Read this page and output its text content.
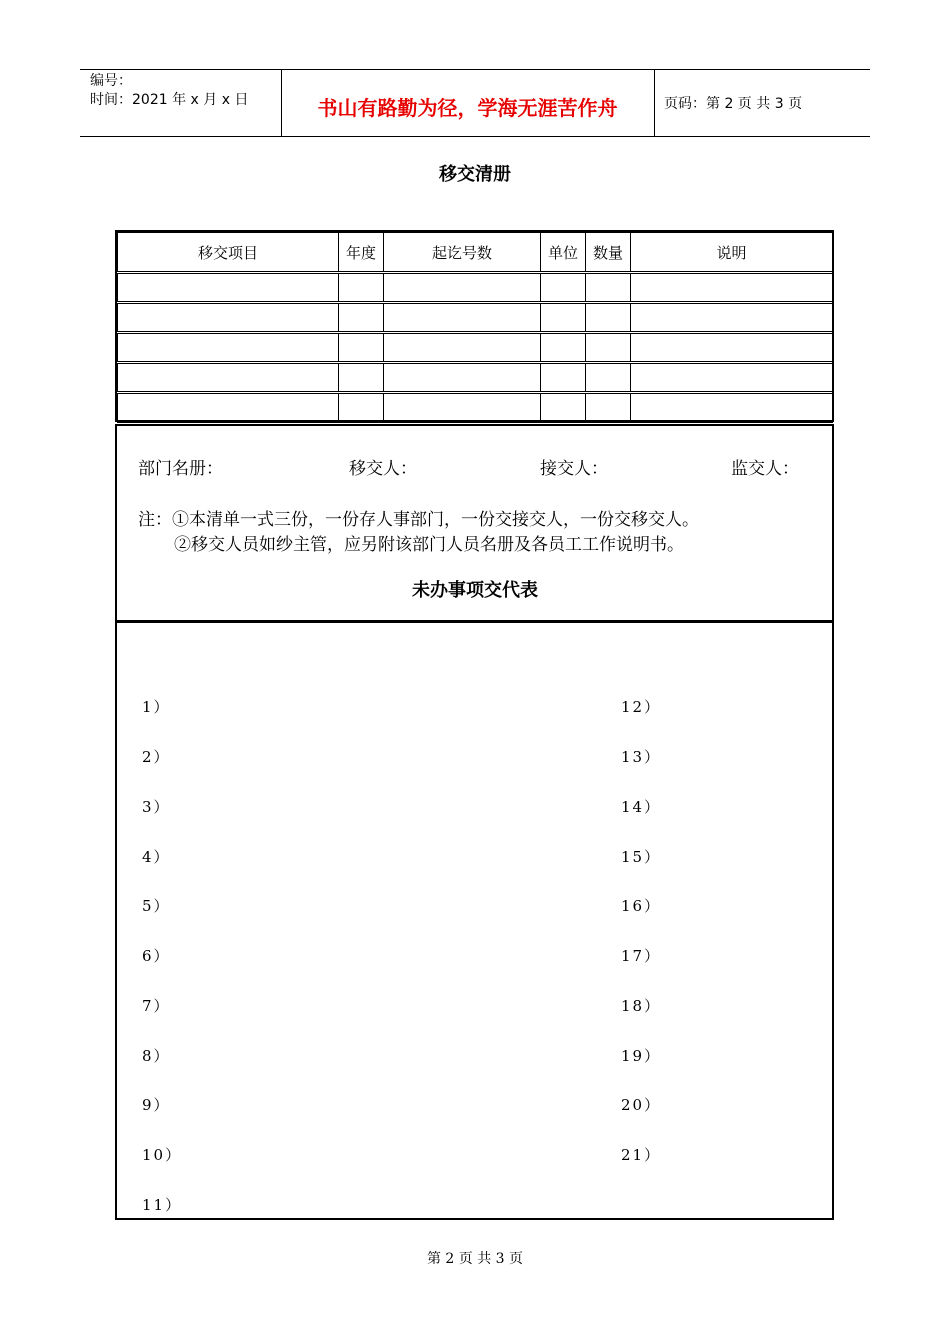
编号：
时间：2021 年 x 月 x 日	书山有路勤为径，学海无涯苦作舟	页码：第 2 页 共 3 页
移交清册
移交项目	年度	起讫号数	单位	数量	说明

部门名册：	移交人：	接交人：	监交人：
注：①本清单一式三份，一份存人事部门，一份交接交人，一份交移交人。
②移交人员如纱主管，应另附该部门人员名册及各员工工作说明书。
未办事项交代表
1）
2）
3）
4）
5）
6）
7）
8）
9）
10）
11）
12）
13）
14）
15）
16）
17）
18）
19）
20）
21）
第 2 页 共 3 页
